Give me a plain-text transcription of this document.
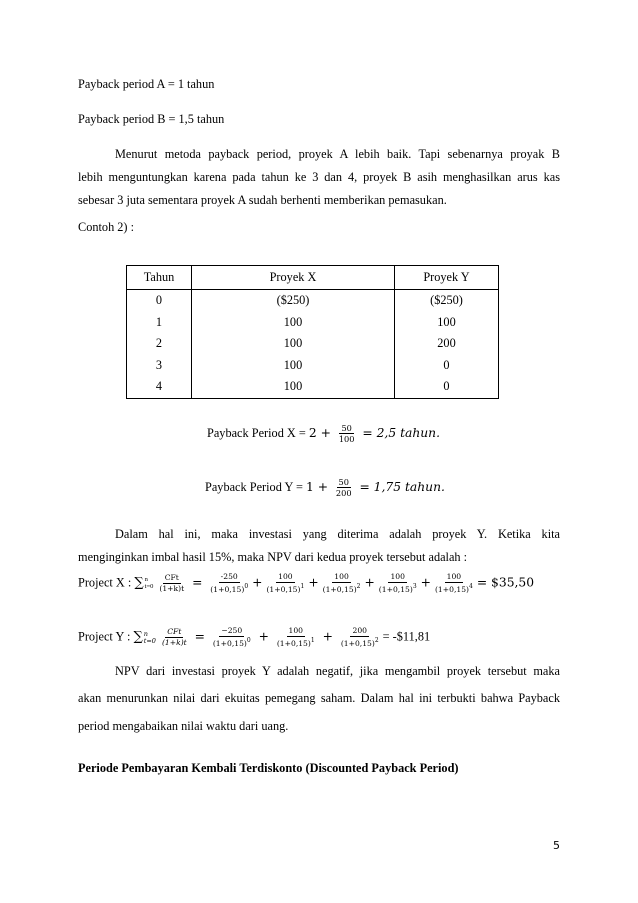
Payback period A = 1 tahun
Payback period B = 1,5 tahun
Menurut metoda payback period, proyek A lebih baik. Tapi sebenarnya proyak B
lebih menguntungkan karena pada tahun ke 3 dan 4, proyek B asih menghasilkan arus kas
sebesar 3 juta sementara proyek A sudah berhenti memberikan pemasukan.
Contoh 2) :
Tahun	Proyek X	Proyek Y
0	($250)	($250)
1	100	100
2	100	200
3	100	0
4	100	0
Payback Period $X = 2 + \frac{50}{100} = 2,5$ tahun.
Payback Period $Y = 1 + \frac{50}{200} = 1,75$ tahun.
Dalam hal ini, maka investasi yang diterima adalah proyek Y. Ketika kita
menginginkan imbal hasil 15%, maka NPV dari kedua proyek tersebut adalah :
Project X : ∑ n
$t=0 \frac{\text{CFt}}{(1+k)t} = \frac{-250}{(1+0,15)^0} + \frac{100}{(1+0,15)^1} + \frac{100}{(1+0,15)^2} + \frac{100}{(1+0,15)^3} + \frac{100}{(1+0,15)^4}$ = $35,50
Project Y : ∑ n
$t=0 \frac{\text{CFt}}{(1+k)t} = \frac{-250}{(1+0,15)^0} + \frac{100}{(1+0,15)^1} + \frac{200}{(1+0,15)^2}$ = -$11,81
NPV dari investasi proyek Y adalah negatif, jika mengambil proyek tersebut maka
akan menurunkan nilai dari ekuitas pemegang saham. Dalam hal ini terbukti bahwa Payback
period mengabaikan nilai waktu dari uang.
Periode Pembayaran Kembali Terdiskonto (Discounted Payback Period)
5
